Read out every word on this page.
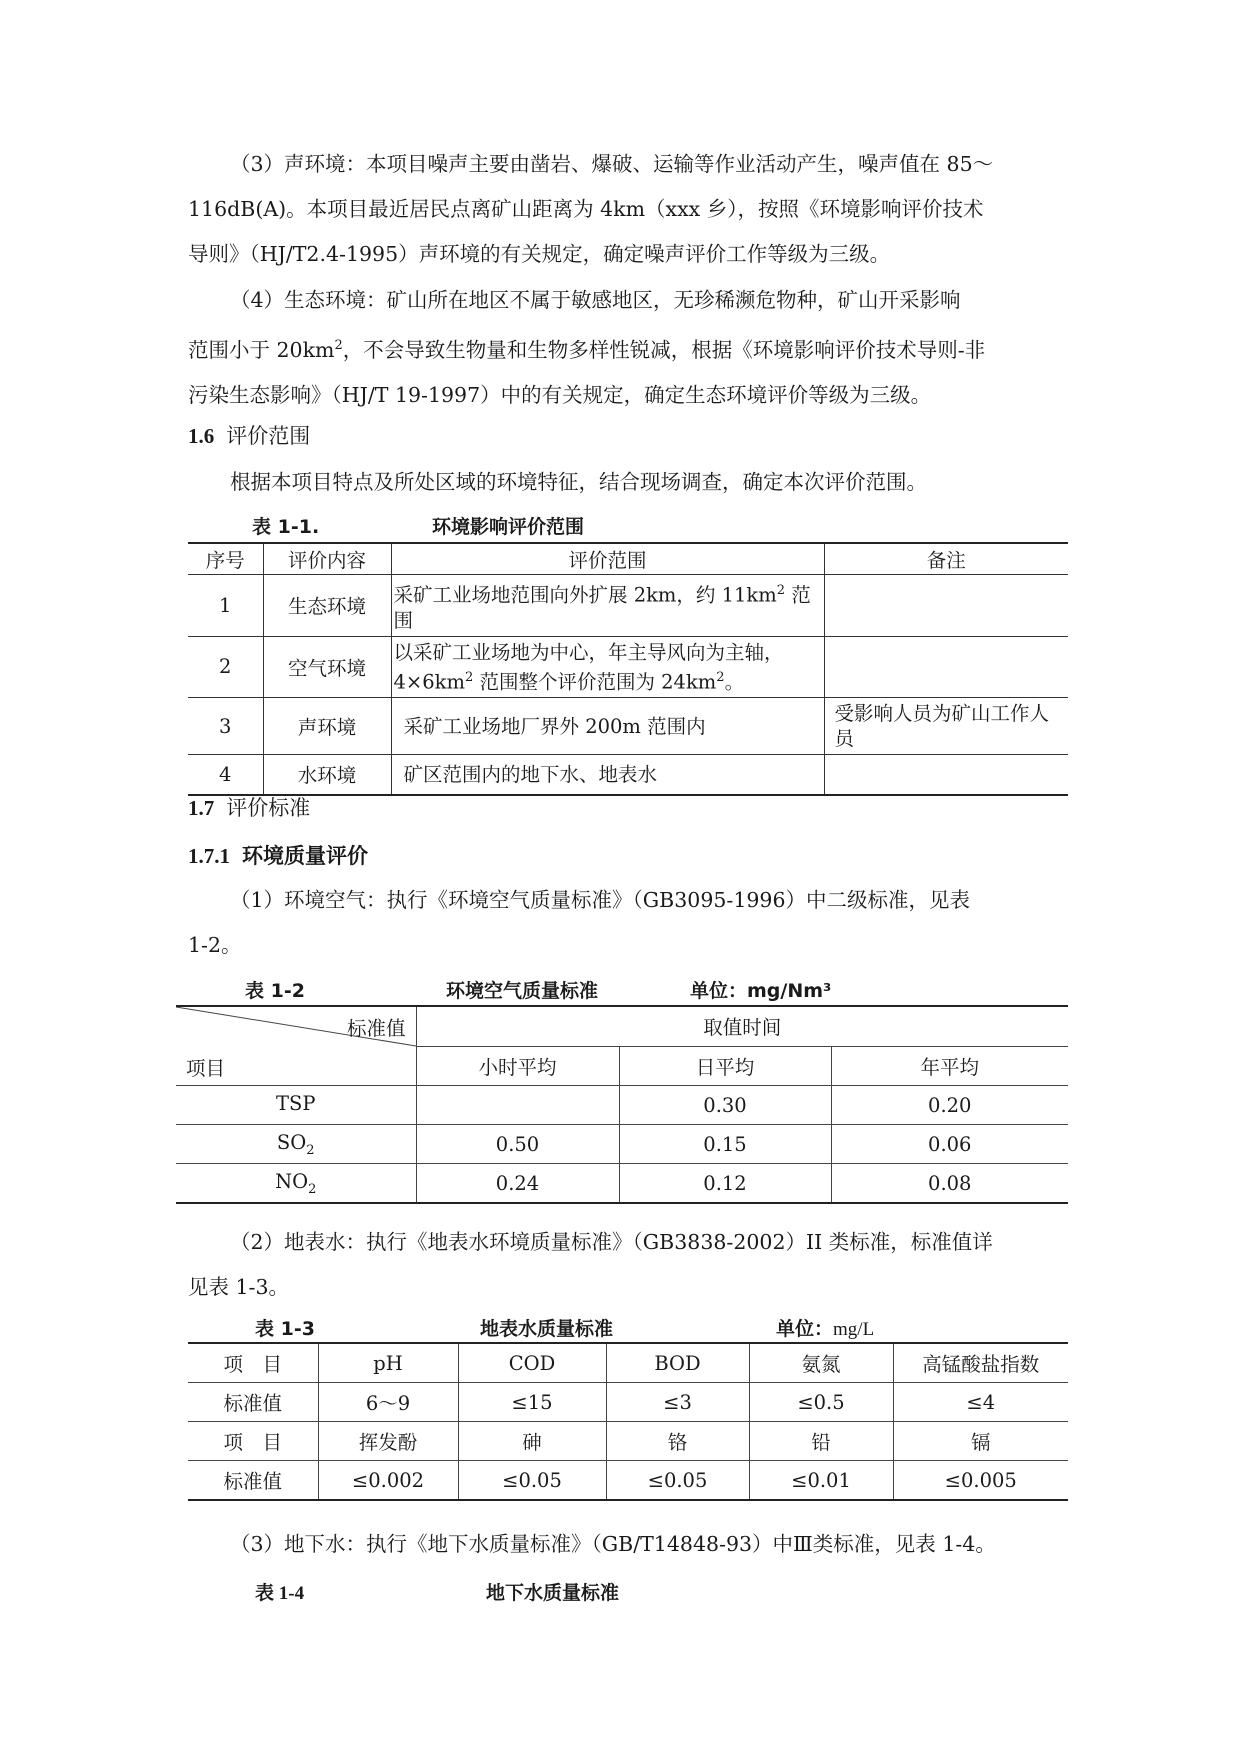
（3）声环境：本项目噪声主要由凿岩、爆破、运输等作业活动产生，噪声值在 85～
116dB(A)。本项目最近居民点离矿山距离为 4km（xxx 乡），按照《环境影响评价技术
导则》（HJ/T2.4-1995）声环境的有关规定，确定噪声评价工作等级为三级。
（4）生态环境：矿山所在地区不属于敏感地区，无珍稀濒危物种，矿山开采影响
范围小于 $20km^2$，不会导致生物量和生物多样性锐减，根据《环境影响评价技术导则-非
污染生态影响》（HJ/T 19-1997）中的有关规定，确定生态环境评价等级为三级。
1.6 评价范围
根据本项目特点及所处区域的环境特征，结合现场调查，确定本次评价范围。
表 1-1.	环境影响评价范围
序号	评价内容	评价范围	备注
1	生态环境	采矿工业场地范围向外扩展 2km，约 $11km^2$ 范围	
2	空气环境	以采矿工业场地为中心，年主导风向为主轴，$4\times 6km^2$ 范围整个评价范围为 $24km^2$。	
3	声环境	采矿工业场地厂界外 200m 范围内	受影响人员为矿山工作人员
4	水环境	矿区范围内的地下水、地表水	
1.7 评价标准
1.7.1 环境质量评价
（1）环境空气：执行《环境空气质量标准》（GB3095-1996）中二级标准，见表
1-2。
表 1-2	环境空气质量标准	单位：mg/Nm³
标准值
项目	取值时间		
	小时平均	日平均	年平均
TSP		0.30	0.20
$SO_2$	0.50	0.15	0.06
$NO_2$	0.24	0.12	0.08
（2）地表水：执行《地表水环境质量标准》（GB3838-2002）II 类标准，标准值详
见表 1-3。
表 1-3	地表水质量标准	单位：mg/L
项　目	pH	COD	BOD	氨氮	高锰酸盐指数
标准值	6～9	≤15	≤3	≤0.5	≤4
项　目	挥发酚	砷	铬	铅	镉
标准值	≤0.002	≤0.05	≤0.05	≤0.01	≤0.005
（3）地下水：执行《地下水质量标准》（GB/T14848-93）中Ⅲ类标准，见表 1-4。
表 1-4	地下水质量标准
